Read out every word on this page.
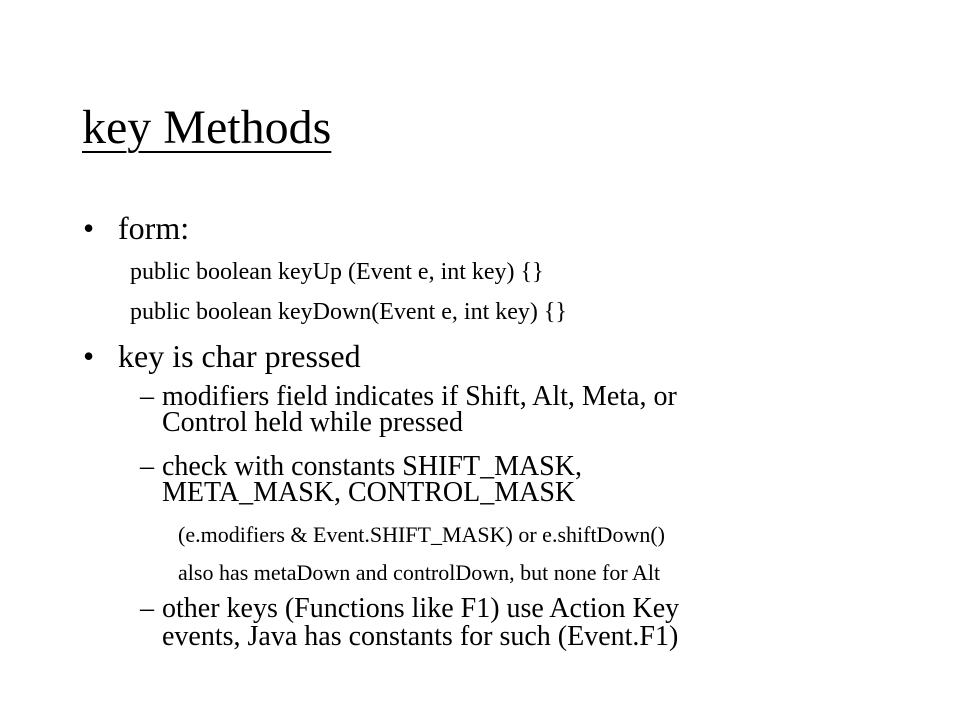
key Methods
• form:
public boolean keyUp (Event e, int key) {}
public boolean keyDown(Event e, int key) {}
• key is char pressed
– modifiers field indicates if Shift, Alt, Meta, or
Control held while pressed
– check with constants SHIFT_MASK,
META_MASK, CONTROL_MASK
(e.modifiers & Event.SHIFT_MASK) or e.shiftDown()
also has metaDown and controlDown, but none for Alt
– other keys (Functions like F1) use Action Key
events, Java has constants for such (Event.F1)
